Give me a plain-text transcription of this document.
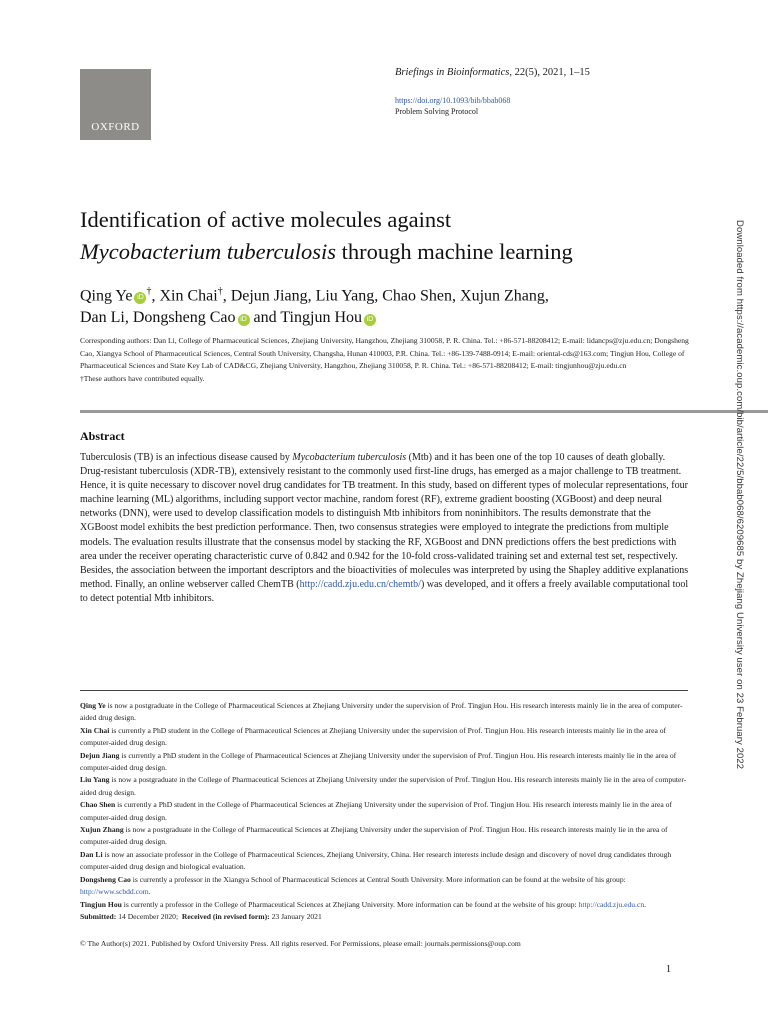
OXFORD
Briefings in Bioinformatics, 22(5), 2021, 1–15
https://doi.org/10.1093/bib/bbab068
Problem Solving Protocol
Identification of active molecules against
Mycobacterium tuberculosis through machine learning

Qing Ye iD†, Xin Chai†, Dejun Jiang, Liu Yang, Chao Shen, Xujun Zhang,
Dan Li, Dongsheng Cao iD and Tingjun Hou iD

Corresponding authors: Dan Li, College of Pharmaceutical Sciences, Zhejiang University, Hangzhou, Zhejiang 310058, P. R. China. Tel.: +86-571-88208412; E-mail: lidancps@zju.edu.cn; Dongsheng Cao, Xiangya School of Pharmaceutical Sciences, Central South University, Changsha, Hunan 410003, P.R. China. Tel.: +86-139-7488-0914; E-mail: oriental-cds@163.com; Tingjun Hou, College of Pharmaceutical Sciences and State Key Lab of CAD&CG, Zhejiang University, Hangzhou, Zhejiang 310058, P. R. China. Tel.: +86-571-88208412; E-mail: tingjunhou@zju.edu.cn

†These authors have contributed equally.

Abstract

Tuberculosis (TB) is an infectious disease caused by Mycobacterium tuberculosis (Mtb) and it has been one of the top 10 causes of death globally. Drug-resistant tuberculosis (XDR-TB), extensively resistant to the commonly used first-line drugs, has emerged as a major challenge to TB treatment. Hence, it is quite necessary to discover novel drug candidates for TB treatment. In this study, based on different types of molecular representations, four machine learning (ML) algorithms, including support vector machine, random forest (RF), extreme gradient boosting (XGBoost) and deep neural networks (DNN), were used to develop classification models to distinguish Mtb inhibitors from noninhibitors. The results demonstrate that the XGBoost model exhibits the best prediction performance. Then, two consensus strategies were employed to integrate the predictions from multiple models. The evaluation results illustrate that the consensus model by stacking the RF, XGBoost and DNN predictions offers the best predictions with area under the receiver operating characteristic curve of 0.842 and 0.942 for the 10-fold cross-validated training set and external test set, respectively. Besides, the association between the important descriptors and the bioactivities of molecules was interpreted by using the Shapley additive explanations method. Finally, an online webserver called ChemTB (http://cadd.zju.edu.cn/chemtb/) was developed, and it offers a freely available computational tool to detect potential Mtb inhibitors.

Qing Ye is now a postgraduate in the College of Pharmaceutical Sciences at Zhejiang University under the supervision of Prof. Tingjun Hou. His research interests mainly lie in the area of computer-aided drug design.

Xin Chai is currently a PhD student in the College of Pharmaceutical Sciences at Zhejiang University under the supervision of Prof. Tingjun Hou. His research interests mainly lie in the area of computer-aided drug design.

Dejun Jiang is currently a PhD student in the College of Pharmaceutical Sciences at Zhejiang University under the supervision of Prof. Tingjun Hou. His research interests mainly lie in the area of computer-aided drug design.

Liu Yang is now a postgraduate in the College of Pharmaceutical Sciences at Zhejiang University under the supervision of Prof. Tingjun Hou. His research interests mainly lie in the area of computer-aided drug design.

Chao Shen is currently a PhD student in the College of Pharmaceutical Sciences at Zhejiang University under the supervision of Prof. Tingjun Hou. His research interests mainly lie in the area of computer-aided drug design.

Xujun Zhang is now a postgraduate in the College of Pharmaceutical Sciences at Zhejiang University under the supervision of Prof. Tingjun Hou. His research interests mainly lie in the area of computer-aided drug design.

Dan Li is now an associate professor in the College of Pharmaceutical Sciences, Zhejiang University, China. Her research interests include design and discovery of novel drug candidates through computer-aided drug design and biological evaluation.

Dongsheng Cao is currently a professor in the Xiangya School of Pharmaceutical Sciences at Central South University. More information can be found at the website of his group: http://www.scbdd.com.

Tingjun Hou is currently a professor in the College of Pharmaceutical Sciences at Zhejiang University. More information can be found at the website of his group: http://cadd.zju.edu.cn.

Submitted: 14 December 2020; Received (in revised form): 23 January 2021

© The Author(s) 2021. Published by Oxford University Press. All rights reserved. For Permissions, please email: journals.permissions@oup.com
1
Downloaded from https://academic.oup.com/bib/article/22/5/bbab068/6209685 by Zhejiang University user on 23 February 2022
